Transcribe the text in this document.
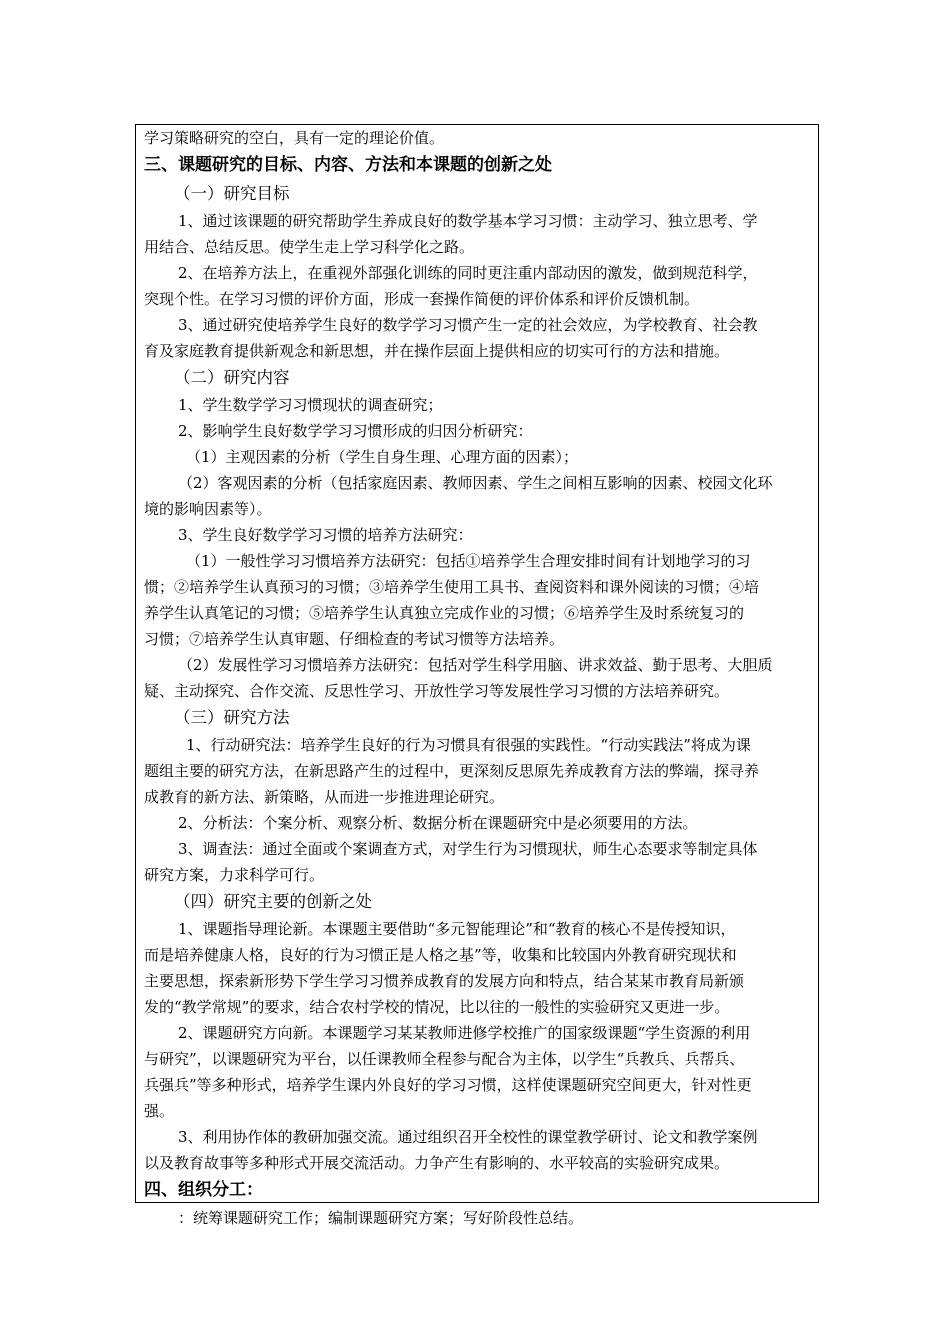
学习策略研究的空白，具有一定的理论价值。
三、课题研究的目标、内容、方法和本课题的创新之处
（一）研究目标
1、通过该课题的研究帮助学生养成良好的数学基本学习习惯：主动学习、独立思考、学
用结合、总结反思。使学生走上学习科学化之路。
2、在培养方法上，在重视外部强化训练的同时更注重内部动因的激发，做到规范科学，
突现个性。在学习习惯的评价方面，形成一套操作简便的评价体系和评价反馈机制。
3、通过研究使培养学生良好的数学学习习惯产生一定的社会效应，为学校教育、社会教
育及家庭教育提供新观念和新思想，并在操作层面上提供相应的切实可行的方法和措施。
（二）研究内容
1、学生数学学习习惯现状的调查研究；
2、影响学生良好数学学习习惯形成的归因分析研究：
（1）主观因素的分析（学生自身生理、心理方面的因素）；
（2）客观因素的分析（包括家庭因素、教师因素、学生之间相互影响的因素、校园文化环
境的影响因素等）。
3、学生良好数学学习习惯的培养方法研究：
（1）一般性学习习惯培养方法研究：包括①培养学生合理安排时间有计划地学习的习
惯；②培养学生认真预习的习惯；③培养学生使用工具书、查阅资料和课外阅读的习惯；④培
养学生认真笔记的习惯；⑤培养学生认真独立完成作业的习惯；⑥培养学生及时系统复习的
习惯；⑦培养学生认真审题、仔细检查的考试习惯等方法培养。
（2）发展性学习习惯培养方法研究：包括对学生科学用脑、讲求效益、勤于思考、大胆质
疑、主动探究、合作交流、反思性学习、开放性学习等发展性学习习惯的方法培养研究。
（三）研究方法
1、行动研究法：培养学生良好的行为习惯具有很强的实践性。“行动实践法”将成为课
题组主要的研究方法，在新思路产生的过程中，更深刻反思原先养成教育方法的弊端，探寻养
成教育的新方法、新策略，从而进一步推进理论研究。
2、分析法：个案分析、观察分析、数据分析在课题研究中是必须要用的方法。
3、调查法：通过全面或个案调查方式，对学生行为习惯现状，师生心态要求等制定具体
研究方案，力求科学可行。
（四）研究主要的创新之处
1、课题指导理论新。本课题主要借助“多元智能理论”和“教育的核心不是传授知识，
而是培养健康人格，良好的行为习惯正是人格之基”等，收集和比较国内外教育研究现状和
主要思想，探索新形势下学生学习习惯养成教育的发展方向和特点，结合某某市教育局新颁
发的“教学常规”的要求，结合农村学校的情况，比以往的一般性的实验研究又更进一步。
2、课题研究方向新。本课题学习某某教师进修学校推广的国家级课题“学生资源的利用
与研究”，以课题研究为平台，以任课教师全程参与配合为主体，以学生“兵教兵、兵帮兵、
兵强兵”等多种形式，培养学生课内外良好的学习习惯，这样使课题研究空间更大，针对性更
强。
3、利用协作体的教研加强交流。通过组织召开全校性的课堂教学研讨、论文和教学案例
以及教育故事等多种形式开展交流活动。力争产生有影响的、水平较高的实验研究成果。
四、组织分工：
：统筹课题研究工作；编制课题研究方案；写好阶段性总结。
